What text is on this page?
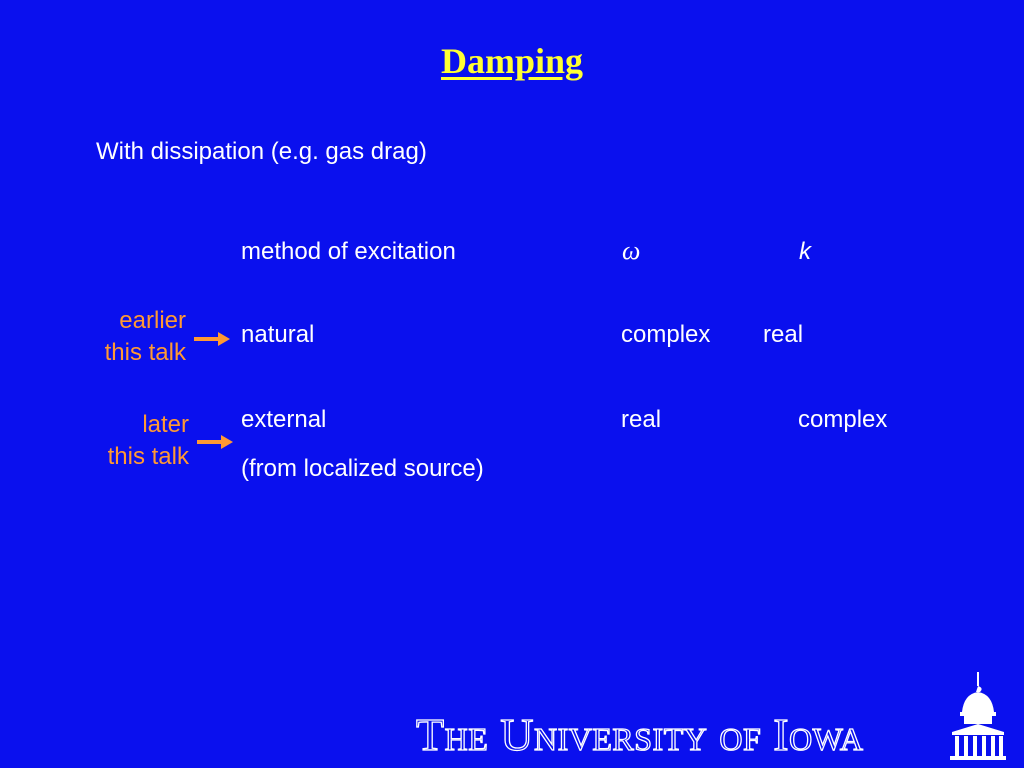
Damping
With dissipation (e.g. gas drag)
method of excitation	ω	k
earlier
this talk
natural	complex real
later
this talk
external
(from localized source)
real	complex
The University of Iowa
